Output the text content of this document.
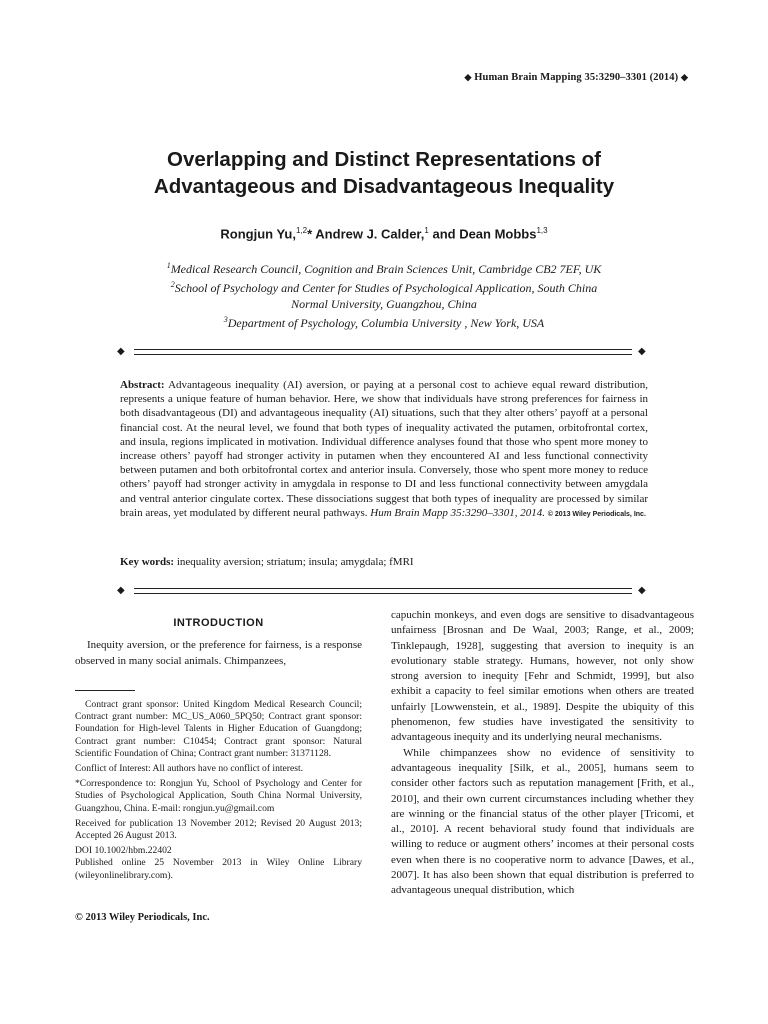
◆ Human Brain Mapping 35:3290–3301 (2014) ◆
Overlapping and Distinct Representations of
Advantageous and Disadvantageous Inequality
Rongjun Yu,$^{1,2}$* Andrew J. Calder,$^1$ and Dean Mobbs$^{1,3}$
$^1$Medical Research Council, Cognition and Brain Sciences Unit, Cambridge CB2 7EF, UK
$^2$School of Psychology and Center for Studies of Psychological Application, South China
Normal University, Guangzhou, China
$^3$Department of Psychology, Columbia University , New York, USA
◆	◆
Abstract: Advantageous inequality (AI) aversion, or paying at a personal cost to achieve equal reward distribution, represents a unique feature of human behavior. Here, we show that individuals have strong preferences for fairness in both disadvantageous (DI) and advantageous inequality (AI) situations, such that they alter others’ payoff at a personal financial cost. At the neural level, we found that both types of inequality activated the putamen, orbitofrontal cortex, and insula, regions implicated in motivation. Individual difference analyses found that those who spent more money to increase others’ payoff had stronger activity in putamen when they encountered AI and less functional connectivity between putamen and both orbitofrontal cortex and anterior insula. Conversely, those who spent more money to reduce others’ payoff had stronger activity in amygdala in response to DI and less functional connectivity between amygdala and ventral anterior cingulate cortex. These dissociations suggest that both types of inequality are processed by similar brain areas, yet modulated by different neural pathways. Hum Brain Mapp 35:3290–3301, 2014. © 2013 Wiley Periodicals, Inc.
Key words: inequality aversion; striatum; insula; amygdala; fMRI
◆	◆
INTRODUCTION

Inequity aversion, or the preference for fairness, is a response observed in many social animals. Chimpanzees,

Contract grant sponsor: United Kingdom Medical Research Council; Contract grant number: MC_US_A060_5PQ50; Contract grant sponsor: Foundation for High-level Talents in Higher Education of Guangdong; Contract grant number: C10454; Contract grant sponsor: Natural Scientific Foundation of China; Contract grant number: 31371128.

Conflict of Interest: All authors have no conflict of interest.

*Correspondence to: Rongjun Yu, School of Psychology and Center for Studies of Psychological Application, South China Normal University, Guangzhou, China. E-mail: rongjun.yu@gmail.com

Received for publication 13 November 2012; Revised 20 August 2013; Accepted 26 August 2013.

DOI 10.1002/hbm.22402

Published online 25 November 2013 in Wiley Online Library (wileyonlinelibrary.com).

© 2013 Wiley Periodicals, Inc.

capuchin monkeys, and even dogs are sensitive to disadvantageous unfairness [Brosnan and De Waal, 2003; Range, et al., 2009; Tinklepaugh, 1928], suggesting that aversion to inequity is an evolutionary stable strategy. Humans, however, not only show strong aversion to inequity [Fehr and Schmidt, 1999], but also exhibit a capacity to feel similar emotions when others are treated unfairly [Lowwenstein, et al., 1989]. Despite the ubiquity of this phenomenon, few studies have investigated the sensitivity to advantageous inequity and its underlying neural mechanisms.

While chimpanzees show no evidence of sensitivity to advantageous inequality [Silk, et al., 2005], humans seem to consider other factors such as reputation management [Frith, et al., 2010], and their own current circumstances including whether they are winning or the financial status of the other player [Tricomi, et al., 2010]. A recent behavioral study found that individuals are willing to reduce or augment others’ incomes at their personal costs even when there is no cooperative norm to advance [Dawes, et al., 2007]. It has also been shown that equal distribution is preferred to advantageous unequal distribution, which
